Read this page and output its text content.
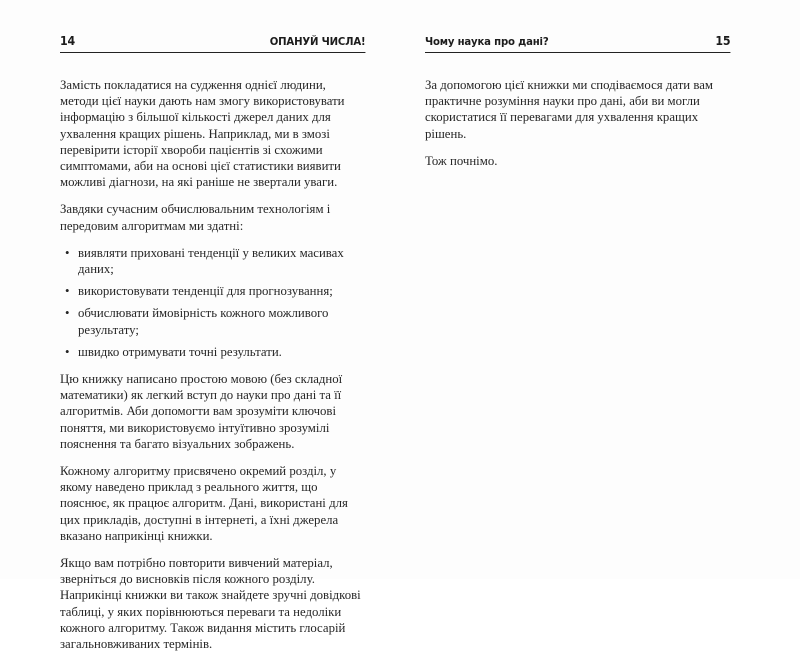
14	ОПАНУЙ ЧИСЛА!

Замість покладатися на судження однієї людини, методи цієї науки дають нам змогу використовувати інформацію з більшої кількості джерел даних для ухвалення кращих рішень. Наприклад, ми в змозі перевірити історії хвороби пацієнтів зі схожими симптомами, аби на основі цієї статистики виявити можливі діагнози, на які раніше не звертали уваги.

Завдяки сучасним обчислювальним технологіям і передовим алгоритмам ми здатні:

• виявляти приховані тенденції у великих масивах даних;
• використовувати тенденції для прогнозування;
• обчислювати ймовірність кожного можливого результату;
• швидко отримувати точні результати.

Цю книжку написано простою мовою (без складної математики) як легкий вступ до науки про дані та її алгоритмів. Аби допомогти вам зрозуміти ключові поняття, ми використовуємо інтуїтивно зрозумілі пояснення та багато візуальних зображень.

Кожному алгоритму присвячено окремий розділ, у якому наведено приклад з реального життя, що пояснює, як працює алгоритм. Дані, використані для цих прикладів, доступні в інтернеті, а їхні джерела вказано наприкінці книжки.

Якщо вам потрібно повторити вивчений матеріал, зверніться до висновків після кожного розділу. Наприкінці книжки ви також знайдете зручні довідкові таблиці, у яких порівнюються переваги та недоліки кожного алгоритму. Також видання містить глосарій загальновживаних термінів.

Чому наука про дані?	15

За допомогою цієї книжки ми сподіваємося дати вам практичне розуміння науки про дані, аби ви могли скористатися її перевагами для ухвалення кращих рішень.

Тож почнімо.
